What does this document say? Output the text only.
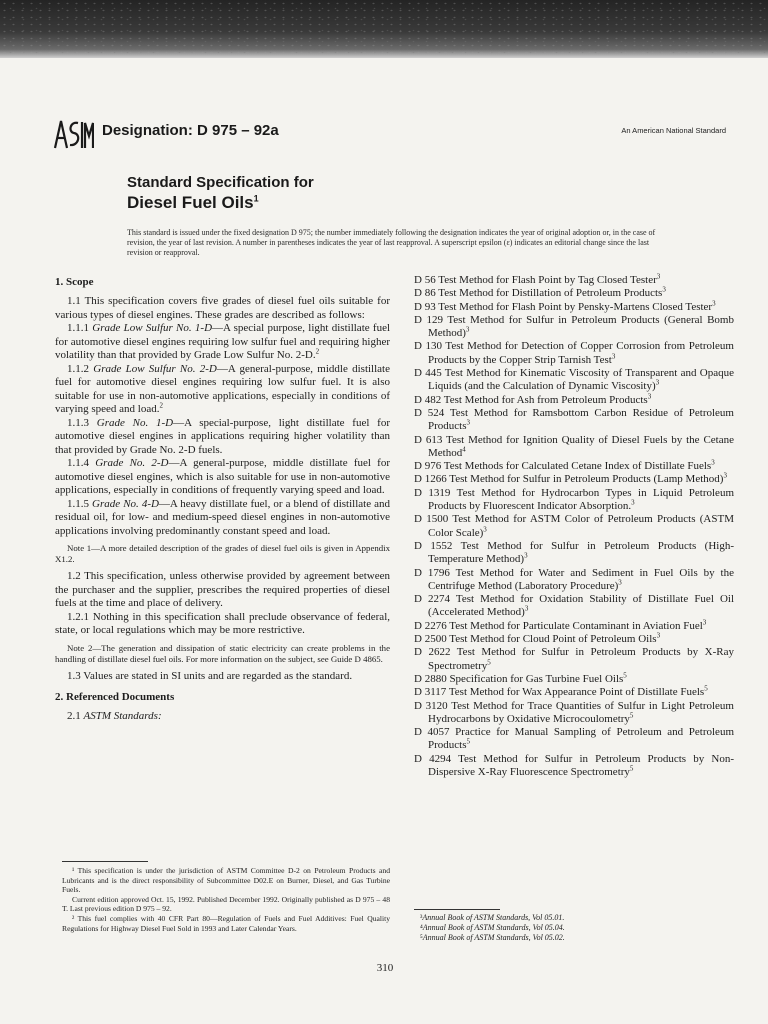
Designation: D 975 – 92a	An American National Standard
Standard Specification for
Diesel Fuel Oils$^1$
This standard is issued under the fixed designation D 975; the number immediately following the designation indicates the year of original adoption or, in the case of revision, the year of last revision. A number in parentheses indicates the year of last reapproval. A superscript epsilon (ε) indicates an editorial change since the last revision or reapproval.
1. Scope

1.1 This specification covers five grades of diesel fuel oils suitable for various types of diesel engines. These grades are described as follows:

1.1.1 Grade Low Sulfur No. 1-D—A special purpose, light distillate fuel for automotive diesel engines requiring low sulfur fuel and requiring higher volatility than that provided by Grade Low Sulfur No. 2-D.$^2$

1.1.2 Grade Low Sulfur No. 2-D—A general-purpose, middle distillate fuel for automotive diesel engines requiring low sulfur fuel. It is also suitable for use in non-automotive applications, especially in conditions of varying speed and load.$^2$

1.1.3 Grade No. 1-D—A special-purpose, light distillate fuel for automotive diesel engines in applications requiring higher volatility than that provided by Grade No. 2-D fuels.

1.1.4 Grade No. 2-D—A general-purpose, middle distillate fuel for automotive diesel engines, which is also suitable for use in non-automotive applications, especially in conditions of frequently varying speed and load.

1.1.5 Grade No. 4-D—A heavy distillate fuel, or a blend of distillate and residual oil, for low- and medium-speed diesel engines in non-automotive applications involving predominantly constant speed and load.

Note 1—A more detailed description of the grades of diesel fuel oils is given in Appendix X1.2.

1.2 This specification, unless otherwise provided by agreement between the purchaser and the supplier, prescribes the required properties of diesel fuels at the time and place of delivery.

1.2.1 Nothing in this specification shall preclude observance of federal, state, or local regulations which may be more restrictive.

Note 2—The generation and dissipation of static electricity can create problems in the handling of distillate diesel fuel oils. For more information on the subject, see Guide D 4865.

1.3 Values are stated in SI units and are regarded as the standard.

2. Referenced Documents

2.1 ASTM Standards:

D 56 Test Method for Flash Point by Tag Closed Tester$^3$

D 86 Test Method for Distillation of Petroleum Products$^3$

D 93 Test Method for Flash Point by Pensky-Martens Closed Tester$^3$

D 129 Test Method for Sulfur in Petroleum Products (General Bomb Method)$^3$

D 130 Test Method for Detection of Copper Corrosion from Petroleum Products by the Copper Strip Tarnish Test$^3$

D 445 Test Method for Kinematic Viscosity of Transparent and Opaque Liquids (and the Calculation of Dynamic Viscosity)$^3$

D 482 Test Method for Ash from Petroleum Products$^3$

D 524 Test Method for Ramsbottom Carbon Residue of Petroleum Products$^3$

D 613 Test Method for Ignition Quality of Diesel Fuels by the Cetane Method$^4$

D 976 Test Methods for Calculated Cetane Index of Distillate Fuels$^3$

D 1266 Test Method for Sulfur in Petroleum Products (Lamp Method)$^3$

D 1319 Test Method for Hydrocarbon Types in Liquid Petroleum Products by Fluorescent Indicator Absorption.$^3$

D 1500 Test Method for ASTM Color of Petroleum Products (ASTM Color Scale)$^3$

D 1552 Test Method for Sulfur in Petroleum Products (High-Temperature Method)$^3$

D 1796 Test Method for Water and Sediment in Fuel Oils by the Centrifuge Method (Laboratory Procedure)$^3$

D 2274 Test Method for Oxidation Stability of Distillate Fuel Oil (Accelerated Method)$^3$

D 2276 Test Method for Particulate Contaminant in Aviation Fuel$^3$

D 2500 Test Method for Cloud Point of Petroleum Oils$^3$

D 2622 Test Method for Sulfur in Petroleum Products by X-Ray Spectrometry$^5$

D 2880 Specification for Gas Turbine Fuel Oils$^5$

D 3117 Test Method for Wax Appearance Point of Distillate Fuels$^5$

D 3120 Test Method for Trace Quantities of Sulfur in Light Petroleum Hydrocarbons by Oxidative Microcoulometry$^5$

D 4057 Practice for Manual Sampling of Petroleum and Petroleum Products$^5$

D 4294 Test Method for Sulfur in Petroleum Products by Non-Dispersive X-Ray Fluorescence Spectrometry$^5$

¹ This specification is under the jurisdiction of ASTM Committee D-2 on Petroleum Products and Lubricants and is the direct responsibility of Subcommittee D02.E on Burner, Diesel, and Gas Turbine Fuels.

Current edition approved Oct. 15, 1992. Published December 1992. Originally published as D 975 – 48 T. Last previous edition D 975 – 92.

² This fuel complies with 40 CFR Part 80—Regulation of Fuels and Fuel Additives: Fuel Quality Regulations for Highway Diesel Fuel Sold in 1993 and Later Calendar Years.

³Annual Book of ASTM Standards, Vol 05.01.

⁴Annual Book of ASTM Standards, Vol 05.04.

⁵Annual Book of ASTM Standards, Vol 05.02.

310
